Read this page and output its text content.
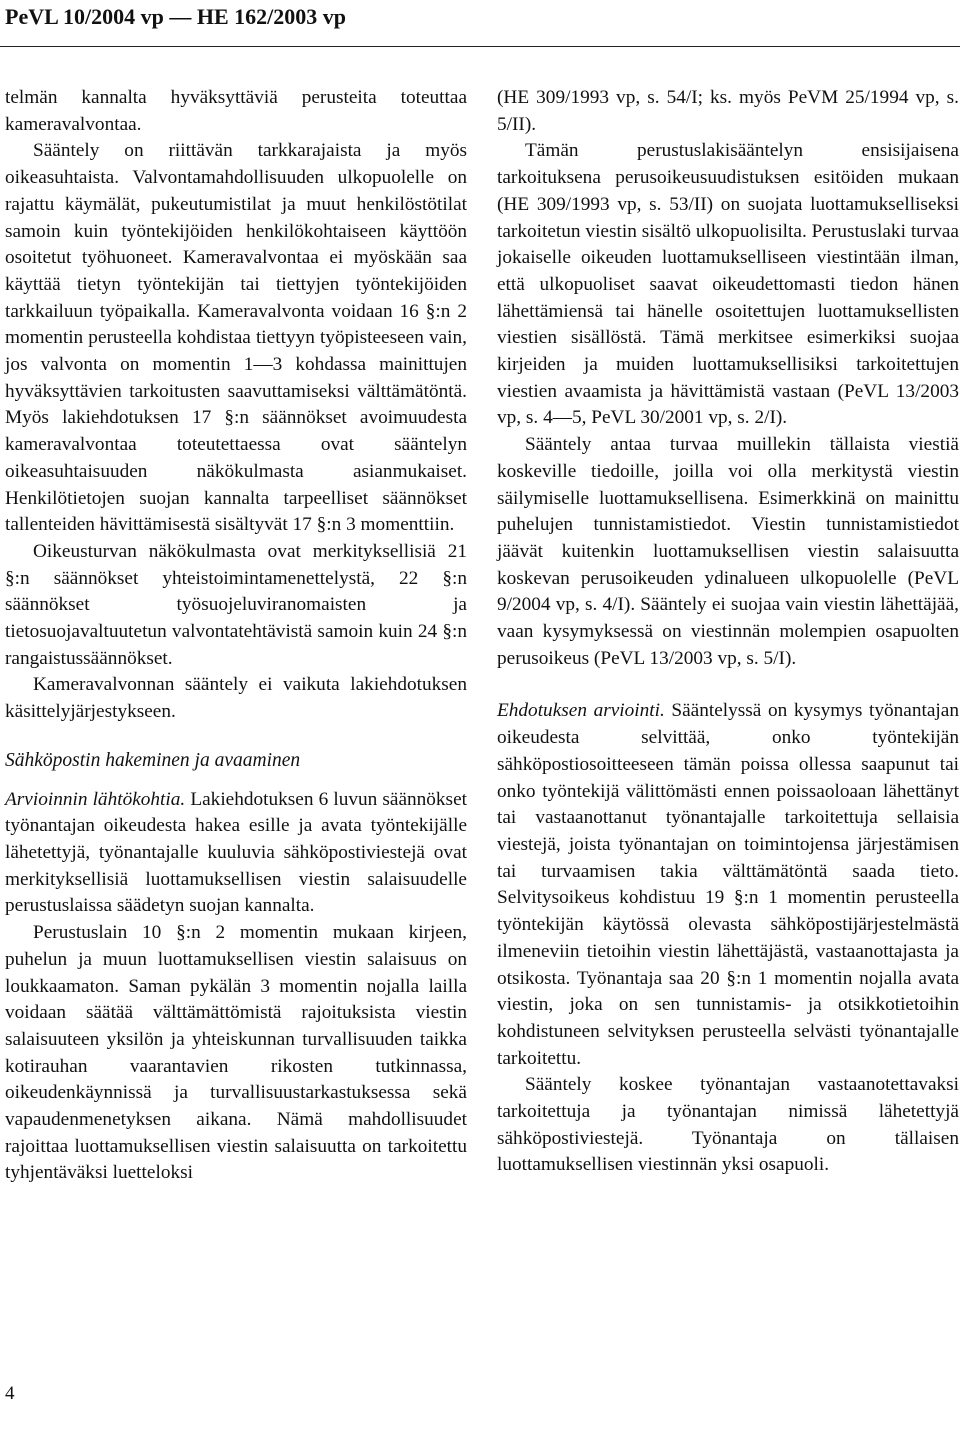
PeVL 10/2004 vp — HE 162/2003 vp

telmän kannalta hyväksyttäviä perusteita toteuttaa kameravalvontaa.

Sääntely on riittävän tarkkarajaista ja myös oikeasuhtaista. Valvontamahdollisuuden ulkopuolelle on rajattu käymälät, pukeutumistilat ja muut henkilöstötilat samoin kuin työntekijöiden henkilökohtaiseen käyttöön osoitetut työhuoneet. Kameravalvontaa ei myöskään saa käyttää tietyn työntekijän tai tiettyjen työntekijöiden tarkkailuun työpaikalla. Kameravalvonta voidaan 16 §:n 2 momentin perusteella kohdistaa tiettyyn työpisteeseen vain, jos valvonta on momentin 1—3 kohdassa mainittujen hyväksyttävien tarkoitusten saavuttamiseksi välttämätöntä. Myös lakiehdotuksen 17 §:n säännökset avoimuudesta kameravalvontaa toteutettaessa ovat sääntelyn oikeasuhtaisuuden näkökulmasta asianmukaiset. Henkilötietojen suojan kannalta tarpeelliset säännökset tallenteiden hävittämisestä sisältyvät 17 §:n 3 momenttiin.

Oikeusturvan näkökulmasta ovat merkityksellisiä 21 §:n säännökset yhteistoimintamenettelystä, 22 §:n säännökset työsuojeluviranomaisten ja tietosuojavaltuutetun valvontatehtävistä samoin kuin 24 §:n rangaistussäännökset.

Kameravalvonnan sääntely ei vaikuta lakiehdotuksen käsittelyjärjestykseen.

Sähköpostin hakeminen ja avaaminen

Arvioinnin lähtökohtia. Lakiehdotuksen 6 luvun säännökset työnantajan oikeudesta hakea esille ja avata työntekijälle lähetettyjä, työnantajalle kuuluvia sähköpostiviestejä ovat merkityksellisiä luottamuksellisen viestin salaisuudelle perustuslaissa säädetyn suojan kannalta.

Perustuslain 10 §:n 2 momentin mukaan kirjeen, puhelun ja muun luottamuksellisen viestin salaisuus on loukkaamaton. Saman pykälän 3 momentin nojalla lailla voidaan säätää välttämättömistä rajoituksista viestin salaisuuteen yksilön ja yhteiskunnan turvallisuuden taikka kotirauhan vaarantavien rikosten tutkinnassa, oikeudenkäynnissä ja turvallisuustarkastuksessa sekä vapaudenmenetyksen aikana. Nämä mahdollisuudet rajoittaa luottamuksellisen viestin salaisuutta on tarkoitettu tyhjentäväksi luetteloksi

(HE 309/1993 vp, s. 54/I; ks. myös PeVM 25/1994 vp, s. 5/II).

Tämän perustuslakisääntelyn ensisijaisena tarkoituksena perusoikeusuudistuksen esitöiden mukaan (HE 309/1993 vp, s. 53/II) on suojata luottamukselliseksi tarkoitetun viestin sisältö ulkopuolisilta. Perustuslaki turvaa jokaiselle oikeuden luottamukselliseen viestintään ilman, että ulkopuoliset saavat oikeudettomasti tiedon hänen lähettämiensä tai hänelle osoitettujen luottamuksellisten viestien sisällöstä. Tämä merkitsee esimerkiksi suojaa kirjeiden ja muiden luottamuksellisiksi tarkoitettujen viestien avaamista ja hävittämistä vastaan (PeVL 13/2003 vp, s. 4—5, PeVL 30/2001 vp, s. 2/I).

Sääntely antaa turvaa muillekin tällaista viestiä koskeville tiedoille, joilla voi olla merkitystä viestin säilymiselle luottamuksellisena. Esimerkkinä on mainittu puhelujen tunnistamistiedot. Viestin tunnistamistiedot jäävät kuitenkin luottamuksellisen viestin salaisuutta koskevan perusoikeuden ydinalueen ulkopuolelle (PeVL 9/2004 vp, s. 4/I). Sääntely ei suojaa vain viestin lähettäjää, vaan kysymyksessä on viestinnän molempien osapuolten perusoikeus (PeVL 13/2003 vp, s. 5/I).

Ehdotuksen arviointi. Sääntelyssä on kysymys työnantajan oikeudesta selvittää, onko työntekijän sähköpostiosoitteeseen tämän poissa ollessa saapunut tai onko työntekijä välittömästi ennen poissaoloaan lähettänyt tai vastaanottanut työnantajalle tarkoitettuja sellaisia viestejä, joista työnantajan on toimintojensa järjestämisen tai turvaamisen takia välttämätöntä saada tieto. Selvitysoikeus kohdistuu 19 §:n 1 momentin perusteella työntekijän käytössä olevasta sähköpostijärjestelmästä ilmeneviin tietoihin viestin lähettäjästä, vastaanottajasta ja otsikosta. Työnantaja saa 20 §:n 1 momentin nojalla avata viestin, joka on sen tunnistamis- ja otsikkotietoihin kohdistuneen selvityksen perusteella selvästi työnantajalle tarkoitettu.

Sääntely koskee työnantajan vastaanotettavaksi tarkoitettuja ja työnantajan nimissä lähetettyjä sähköpostiviestejä. Työnantaja on tällaisen luottamuksellisen viestinnän yksi osapuoli.

4
